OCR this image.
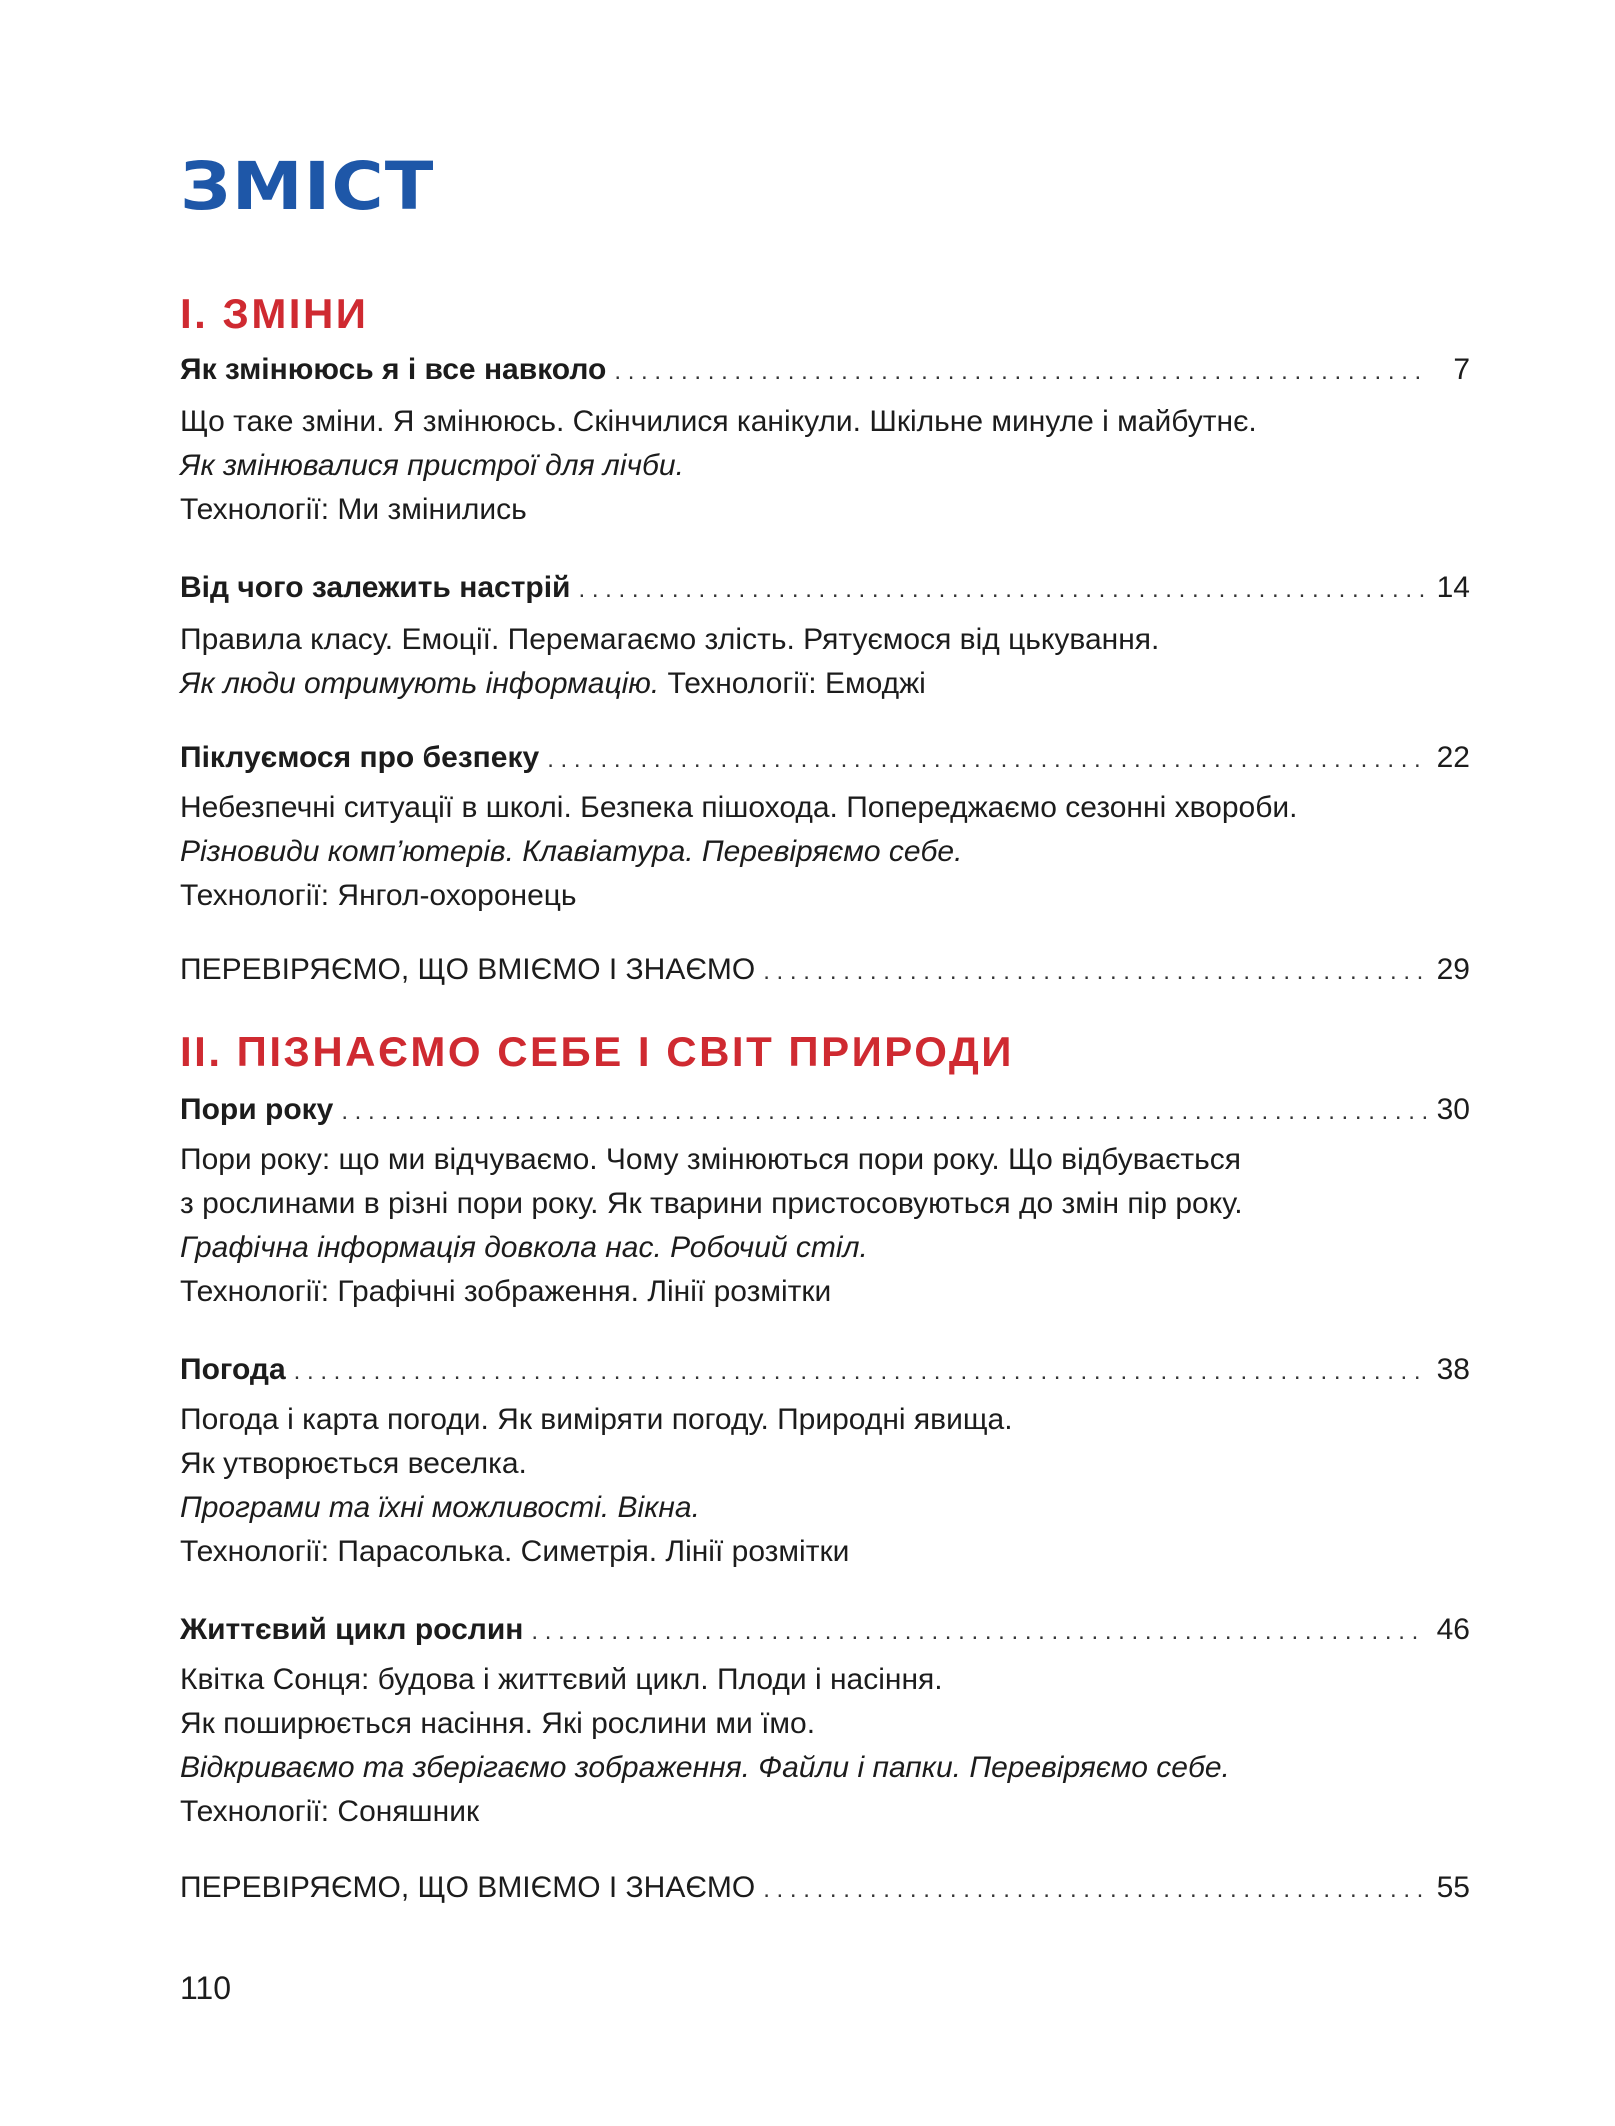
ЗМІСТ
I. ЗМІНИ
Як змінююсь я і все навколо . . .	7

Що таке зміни. Я змінююсь. Скінчилися канікули. Шкільне минуле і майбутнє.
Як змінювалися пристрої для лічби.
Технології: Ми змінились

Від чого залежить настрій . . .	14

Правила класу. Емоції. Перемагаємо злість. Рятуємося від цькування.
Як люди отримують інформацію. Технології: Емоджі

Піклуємося про безпеку . . .	22

Небезпечні ситуації в школі. Безпека пішохода. Попереджаємо сезонні хвороби.
Різновиди комп’ютерів. Клавіатура. Перевіряємо себе.
Технології: Янгол-охоронець

ПЕРЕВІРЯЄМО, ЩО ВМІЄМО І ЗНАЄМО . . .	29
II. ПІЗНАЄМО СЕБЕ І СВІТ ПРИРОДИ
Пори року . . .	30

Пори року: що ми відчуваємо. Чому змінюються пори року. Що відбувається
з рослинами в різні пори року. Як тварини пристосовуються до змін пір року.
Графічна інформація довкола нас. Робочий стіл.
Технології: Графічні зображення. Лінії розмітки

Погода . . .	38

Погода і карта погоди. Як виміряти погоду. Природні явища.
Як утворюється веселка.
Програми та їхні можливості. Вікна.
Технології: Парасолька. Симетрія. Лінії розмітки

Життєвий цикл рослин . . .	46

Квітка Сонця: будова і життєвий цикл. Плоди і насіння.
Як поширюється насіння. Які рослини ми їмо.
Відкриваємо та зберігаємо зображення. Файли і папки. Перевіряємо себе.
Технології: Соняшник

ПЕРЕВІРЯЄМО, ЩО ВМІЄМО І ЗНАЄМО . . .	55
110
